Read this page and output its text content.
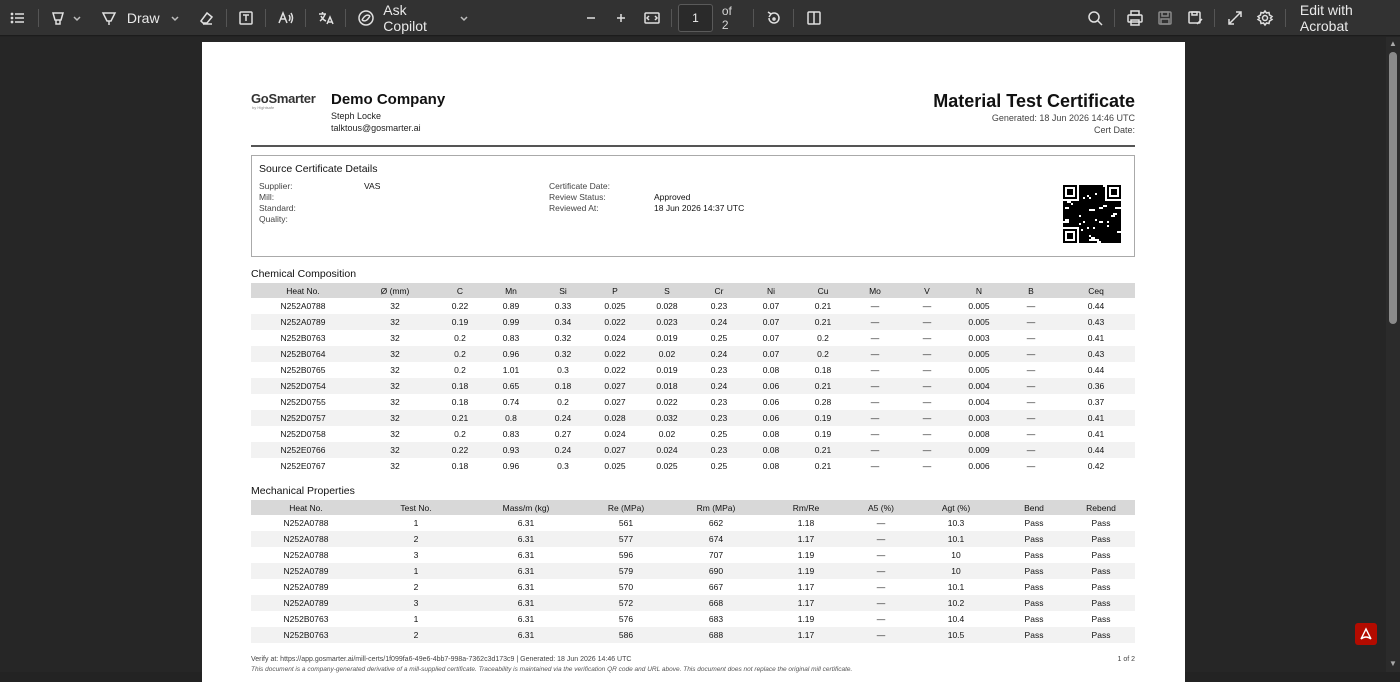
Draw	Ask Copilot	1	of 2
Edit with Acrobat
GoSmarter
by Hightsafe	Demo Company
Steph Locke
talktous@gosmarter.ai
Material Test Certificate
Generated: 18 Jun 2026 14:46 UTC
Cert Date:
Source Certificate Details
Supplier:	VAS
Mill:
Standard:
Quality:
Certificate Date:
Review Status:	Approved
Reviewed At:	18 Jun 2026 14:37 UTC
Chemical Composition
Heat No.	Ø (mm)	C	Mn	Si	P	S	Cr	Ni	Cu	Mo	V	N	B	Ceq
N252A0788	32	0.22	0.89	0.33	0.025	0.028	0.23	0.07	0.21	—	—	0.005	—	0.44
N252A0789	32	0.19	0.99	0.34	0.022	0.023	0.24	0.07	0.21	—	—	0.005	—	0.43
N252B0763	32	0.2	0.83	0.32	0.024	0.019	0.25	0.07	0.2	—	—	0.003	—	0.41
N252B0764	32	0.2	0.96	0.32	0.022	0.02	0.24	0.07	0.2	—	—	0.005	—	0.43
N252B0765	32	0.2	1.01	0.3	0.022	0.019	0.23	0.08	0.18	—	—	0.005	—	0.44
N252D0754	32	0.18	0.65	0.18	0.027	0.018	0.24	0.06	0.21	—	—	0.004	—	0.36
N252D0755	32	0.18	0.74	0.2	0.027	0.022	0.23	0.06	0.28	—	—	0.004	—	0.37
N252D0757	32	0.21	0.8	0.24	0.028	0.032	0.23	0.06	0.19	—	—	0.003	—	0.41
N252D0758	32	0.2	0.83	0.27	0.024	0.02	0.25	0.08	0.19	—	—	0.008	—	0.41
N252E0766	32	0.22	0.93	0.24	0.027	0.024	0.23	0.08	0.21	—	—	0.009	—	0.44
N252E0767	32	0.18	0.96	0.3	0.025	0.025	0.25	0.08	0.21	—	—	0.006	—	0.42
Mechanical Properties
Heat No.	Test No.	Mass/m (kg)	Re (MPa)	Rm (MPa)	Rm/Re	A5 (%)	Agt (%)	Bend	Rebend
N252A0788	1	6.31	561	662	1.18	—	10.3	Pass	Pass
N252A0788	2	6.31	577	674	1.17	—	10.1	Pass	Pass
N252A0788	3	6.31	596	707	1.19	—	10	Pass	Pass
N252A0789	1	6.31	579	690	1.19	—	10	Pass	Pass
N252A0789	2	6.31	570	667	1.17	—	10.1	Pass	Pass
N252A0789	3	6.31	572	668	1.17	—	10.2	Pass	Pass
N252B0763	1	6.31	576	683	1.19	—	10.4	Pass	Pass
N252B0763	2	6.31	586	688	1.17	—	10.5	Pass	Pass
Verify at: https://app.gosmarter.ai/mill-certs/1f099fa6-49e6-4bb7-998a-7362c3d173c9 | Generated: 18 Jun 2026 14:46 UTC	1 of 2
This document is a company-generated derivative of a mill-supplied certificate. Traceability is maintained via the verification QR code and URL above. This document does not replace the original mill certificate.
▲
▼
